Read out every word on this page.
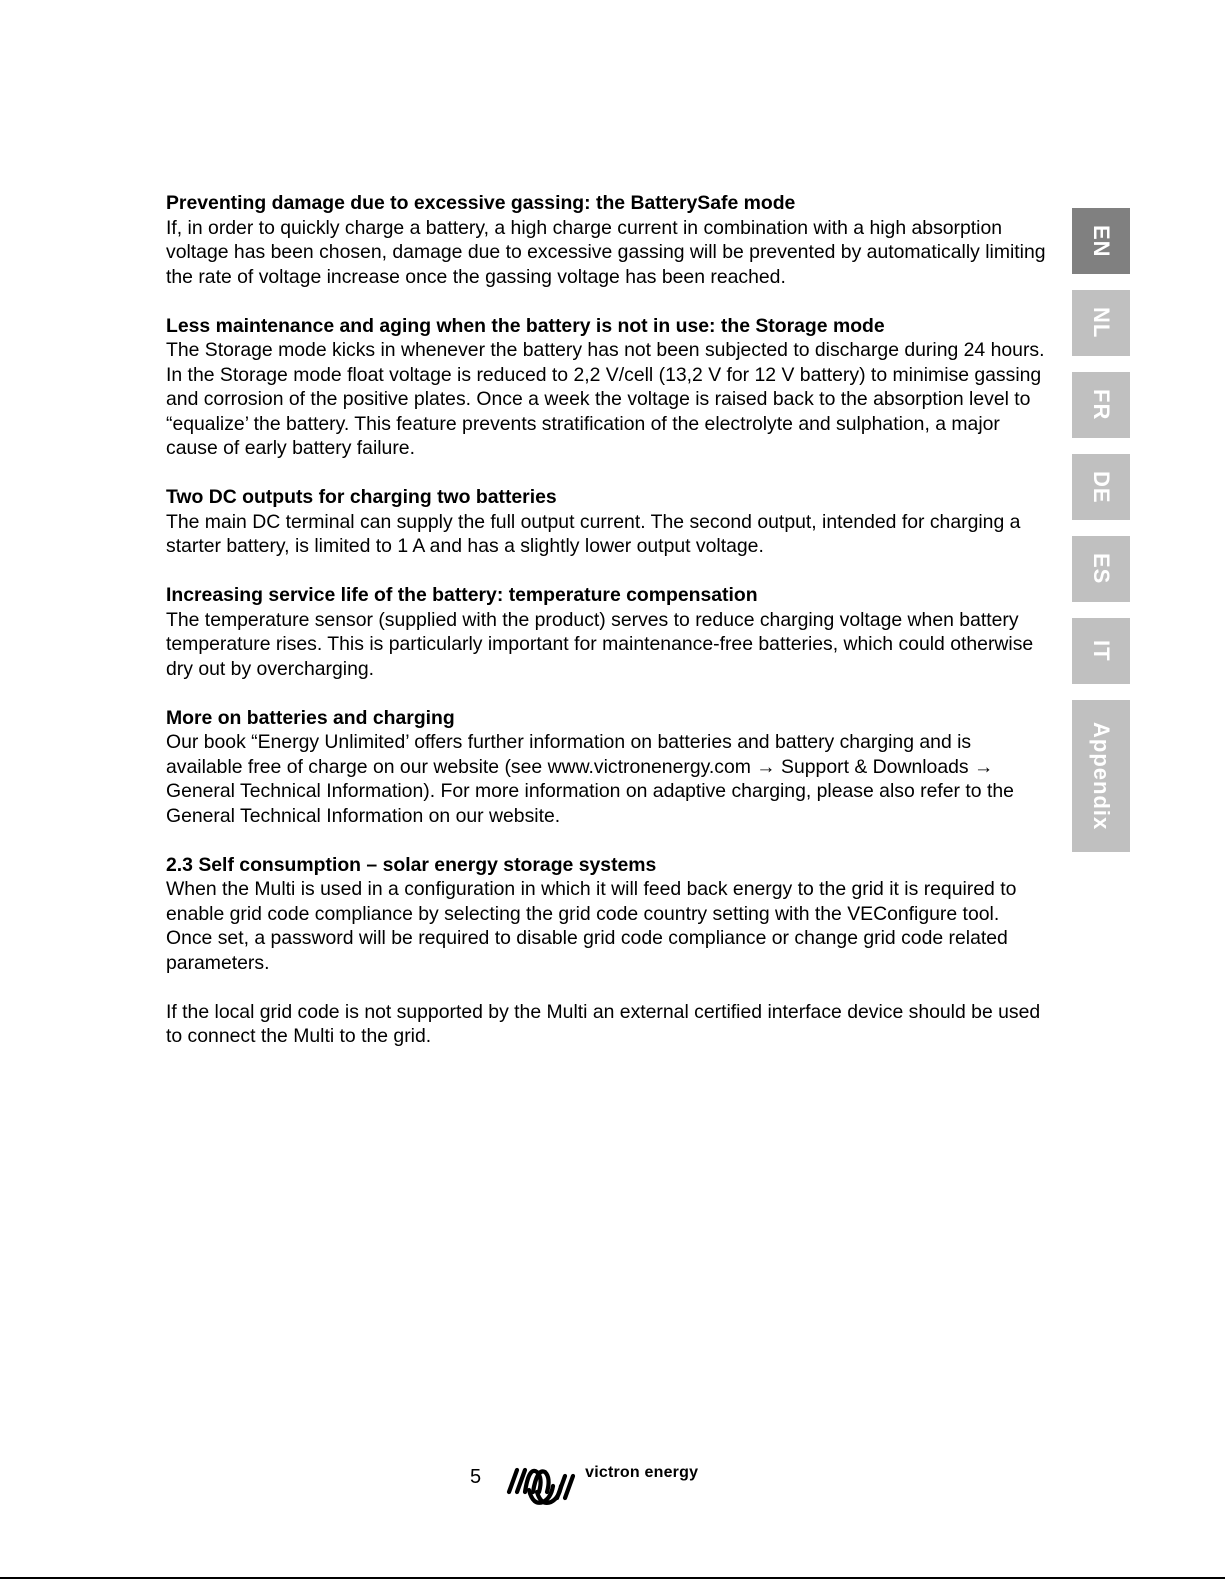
Preventing damage due to excessive gassing: the BatterySafe mode

If, in order to quickly charge a battery, a high charge current in combination with a high absorption voltage has been chosen, damage due to excessive gassing will be prevented by automatically limiting the rate of voltage increase once the gassing voltage has been reached.

Less maintenance and aging when the battery is not in use: the Storage mode

The Storage mode kicks in whenever the battery has not been subjected to discharge during 24 hours. In the Storage mode float voltage is reduced to 2,2 V/cell (13,2 V for 12 V battery) to minimise gassing and corrosion of the positive plates. Once a week the voltage is raised back to the absorption level to “equalize’ the battery. This feature prevents stratification of the electrolyte and sulphation, a major cause of early battery failure.

Two DC outputs for charging two batteries

The main DC terminal can supply the full output current. The second output, intended for charging a starter battery, is limited to 1 A and has a slightly lower output voltage.

Increasing service life of the battery: temperature compensation

The temperature sensor (supplied with the product) serves to reduce charging voltage when battery temperature rises. This is particularly important for maintenance-free batteries, which could otherwise dry out by overcharging.

More on batteries and charging

Our book “Energy Unlimited’ offers further information on batteries and battery charging and is available free of charge on our website (see www.victronenergy.com → Support & Downloads → General Technical Information). For more information on adaptive charging, please also refer to the General Technical Information on our website.

2.3 Self consumption – solar energy storage systems

When the Multi is used in a configuration in which it will feed back energy to the grid it is required to enable grid code compliance by selecting the grid code country setting with the VEConfigure tool.

Once set, a password will be required to disable grid code compliance or change grid code related parameters.

If the local grid code is not supported by the Multi an external certified interface device should be used to connect the Multi to the grid.

EN
NL
FR
DE
ES
IT
Appendix
5	victron energy
